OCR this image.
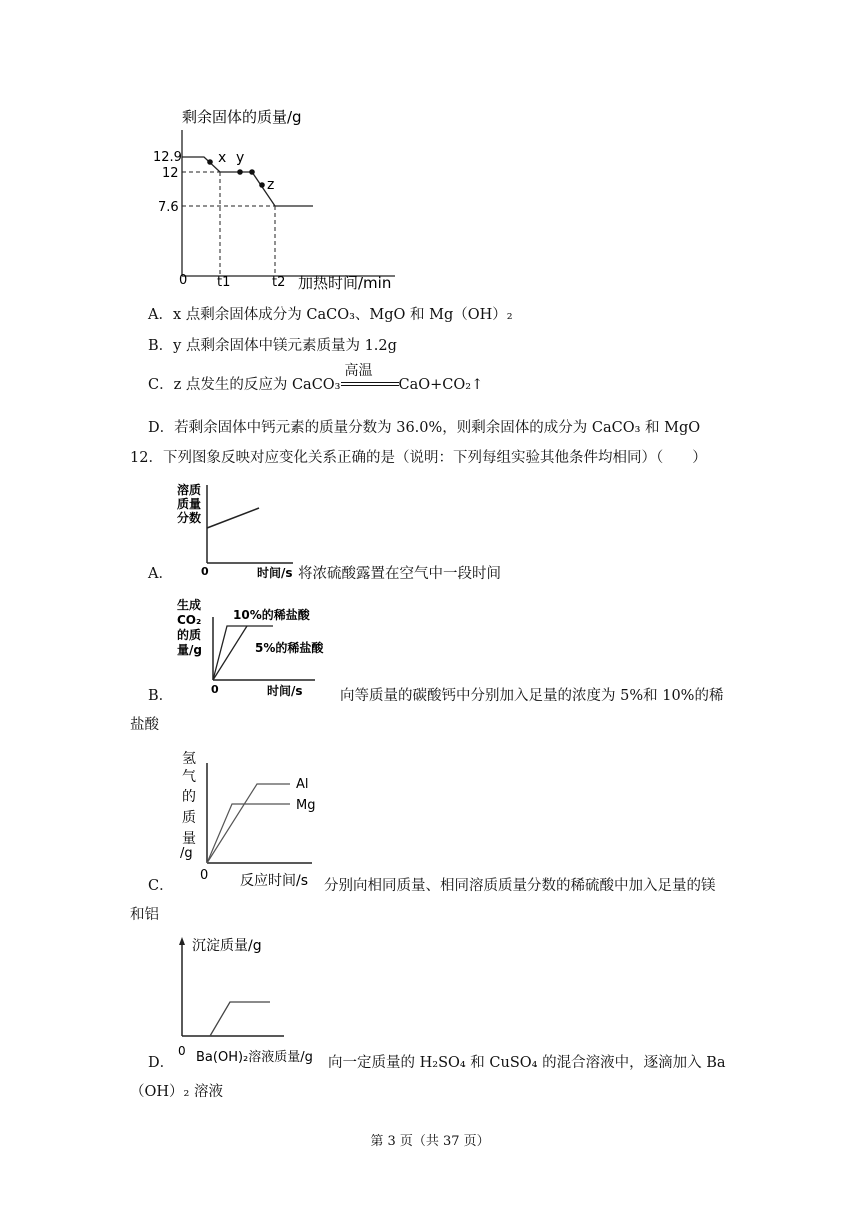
剩余固体的质量/g
12.9
12
7.6
x y
z
0 t1	t2 加热时间/min
A．x 点剩余固体成分为 CaCO₃、MgO 和 Mg（OH）₂
B．y 点剩余固体中镁元素质量为 1.2g
C．z 点发生的反应为 CaCO₃
高温
CaO+CO₂↑
D．若剩余固体中钙元素的质量分数为 36.0%，则剩余固体的成分为 CaCO₃ 和 MgO
12．下列图象反映对应变化关系正确的是（说明：下列每组实验其他条件均相同）（　　）
溶质
质量
分数
0	时间/s
A．	将浓硫酸露置在空气中一段时间
生成
CO₂
的质
量/g
10%的稀盐酸
5%的稀盐酸
0	时间/s
B．	向等质量的碳酸钙中分别加入足量的浓度为 5%和 10%的稀
盐酸
氢
气
的
质
量
/g
Al
Mg
0 反应时间/s
C．	分别向相同质量、相同溶质质量分数的稀硫酸中加入足量的镁
和铝
沉淀质量/g
0 Ba(OH)₂溶液质量/g
D．	向一定质量的 H₂SO₄ 和 CuSO₄ 的混合溶液中，逐滴加入 Ba
（OH）₂ 溶液
第 3 页（共 37 页）
